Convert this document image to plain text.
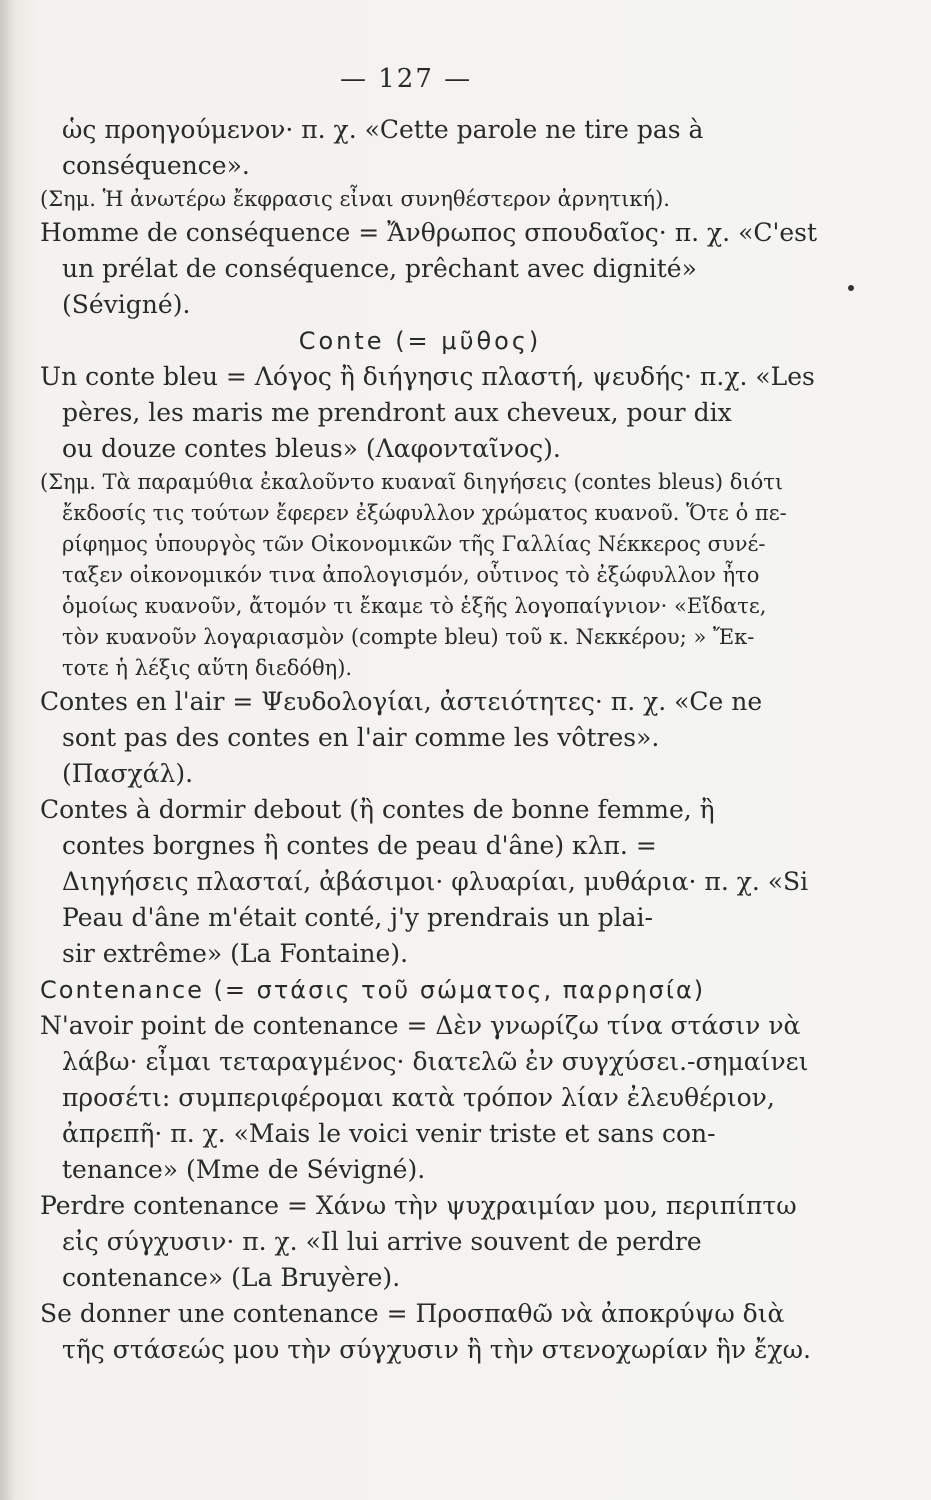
— 127 —
ὡς προηγούμενον· π. χ. «Cette parole ne tire pas à
conséquence».
(Σημ. Ἡ ἀνωτέρω ἔκφρασις εἶναι συνηθέστερον ἀρνητική).
Homme de conséquence = Ἄνθρωπος σπουδαῖος· π. χ. «C'est
un prélat de conséquence, prêchant avec dignité»
(Sévigné).
Conte (= μῦθος)
Un conte bleu = Λόγος ἢ διήγησις πλαστή, ψευδής· π.χ. «Les
pères, les maris me prendront aux cheveux, pour dix
ou douze contes bleus» (Λαφονταῖνος).
(Σημ. Τὰ παραμύθια ἐκαλοῦντο κυαναῖ διηγήσεις (contes bleus) διότι
ἔκδοσίς τις τούτων ἔφερεν ἐξώφυλλον χρώματος κυανοῦ. Ὅτε ὁ πε-
ρίφημος ὑπουργὸς τῶν Οἰκονομικῶν τῆς Γαλλίας Νέκκερος συνέ-
ταξεν οἰκονομικόν τινα ἀπολογισμόν, οὗτινος τὸ ἐξώφυλλον ἦτο
ὁμοίως κυανοῦν, ἄτομόν τι ἔκαμε τὸ ἑξῆς λογοπαίγνιον· «Εἴδατε,
τὸν κυανοῦν λογαριασμὸν (compte bleu) τοῦ κ. Νεκκέρου; » Ἔκ-
τοτε ἡ λέξις αὕτη διεδόθη).
Contes en l'air = Ψευδολογίαι, ἀστειότητες· π. χ. «Ce ne
sont pas des contes en l'air comme les vôtres».
(Πασχάλ).
Contes à dormir debout (ἢ contes de bonne femme, ἢ
contes borgnes ἢ contes de peau d'âne) κλπ. =
Διηγήσεις πλασταί, ἀβάσιμοι· φλυαρίαι, μυθάρια· π. χ. «Si
Peau d'âne m'était conté, j'y prendrais un plai-
sir extrême» (La Fontaine).
Contenance (= στάσις τοῦ σώματος, παρρησία)
N'avoir point de contenance = Δὲν γνωρίζω τίνα στάσιν νὰ
λάβω· εἶμαι τεταραγμένος· διατελῶ ἐν συγχύσει.-σημαίνει
προσέτι: συμπεριφέρομαι κατὰ τρόπον λίαν ἐλευθέριον,
ἀπρεπῆ· π. χ. «Mais le voici venir triste et sans con-
tenance» (Mme de Sévigné).
Perdre contenance = Χάνω τὴν ψυχραιμίαν μου, περιπίπτω
εἰς σύγχυσιν· π. χ. «Il lui arrive souvent de perdre
contenance» (La Bruyère).
Se donner une contenance = Προσπαθῶ νὰ ἀποκρύψω διὰ
τῆς στάσεώς μου τὴν σύγχυσιν ἢ τὴν στενοχωρίαν ἣν ἔχω.
